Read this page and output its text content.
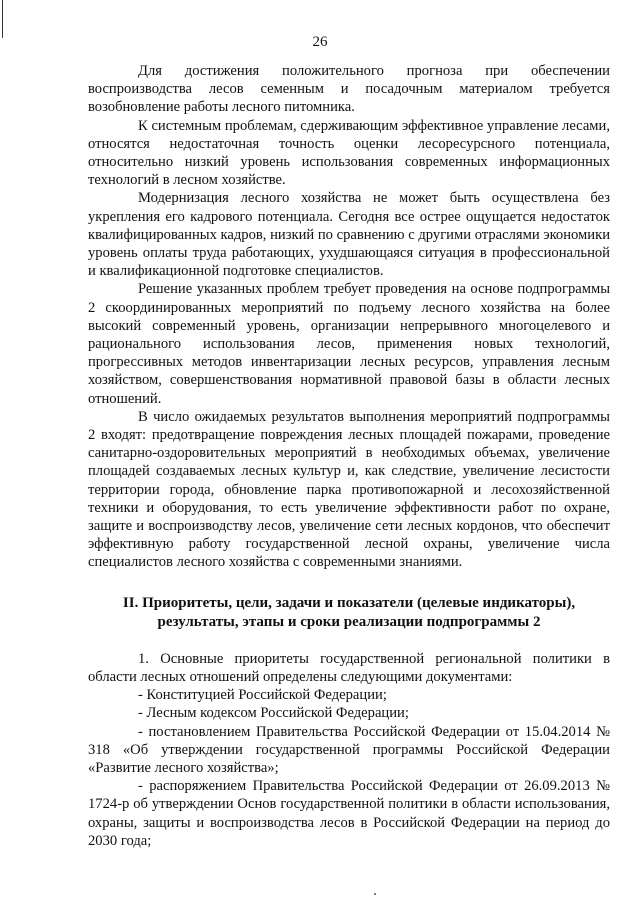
26

Для достижения положительного прогноза при обеспечении воспроизводства лесов семенным и посадочным материалом требуется возобновление работы лесного питомника.

К системным проблемам, сдерживающим эффективное управление лесами, относятся недостаточная точность оценки лесоресурсного потенциала, относительно низкий уровень использования современных информационных технологий в лесном хозяйстве.

Модернизация лесного хозяйства не может быть осуществлена без укрепления его кадрового потенциала. Сегодня все острее ощущается недостаток квалифицированных кадров, низкий по сравнению с другими отраслями экономики уровень оплаты труда работающих, ухудшающаяся ситуация в профессиональной и квалификационной подготовке специалистов.

Решение указанных проблем требует проведения на основе подпрограммы 2 скоординированных мероприятий по подъему лесного хозяйства на более высокий современный уровень, организации непрерывного многоцелевого и рационального использования лесов, применения новых технологий, прогрессивных методов инвентаризации лесных ресурсов, управления лесным хозяйством, совершенствования нормативной правовой базы в области лесных отношений.

В число ожидаемых результатов выполнения мероприятий подпрограммы 2 входят: предотвращение повреждения лесных площадей пожарами, проведение санитарно-оздоровительных мероприятий в необходимых объемах, увеличение площадей создаваемых лесных культур и, как следствие, увеличение лесистости территории города, обновление парка противопожарной и лесохозяйственной техники и оборудования, то есть увеличение эффективности работ по охране, защите и воспроизводству лесов, увеличение сети лесных кордонов, что обеспечит эффективную работу государственной лесной охраны, увеличение числа специалистов лесного хозяйства с современными знаниями.

II. Приоритеты, цели, задачи и показатели (целевые индикаторы), результаты, этапы и сроки реализации подпрограммы 2

1. Основные приоритеты государственной региональной политики в области лесных отношений определены следующими документами:

- Конституцией Российской Федерации;

- Лесным кодексом Российской Федерации;

- постановлением Правительства Российской Федерации от 15.04.2014 № 318 «Об утверждении государственной программы Российской Федерации «Развитие лесного хозяйства»;

- распоряжением Правительства Российской Федерации от 26.09.2013 № 1724-р об утверждении Основ государственной политики в области использования, охраны, защиты и воспроизводства лесов в Российской Федерации на период до 2030 года;
